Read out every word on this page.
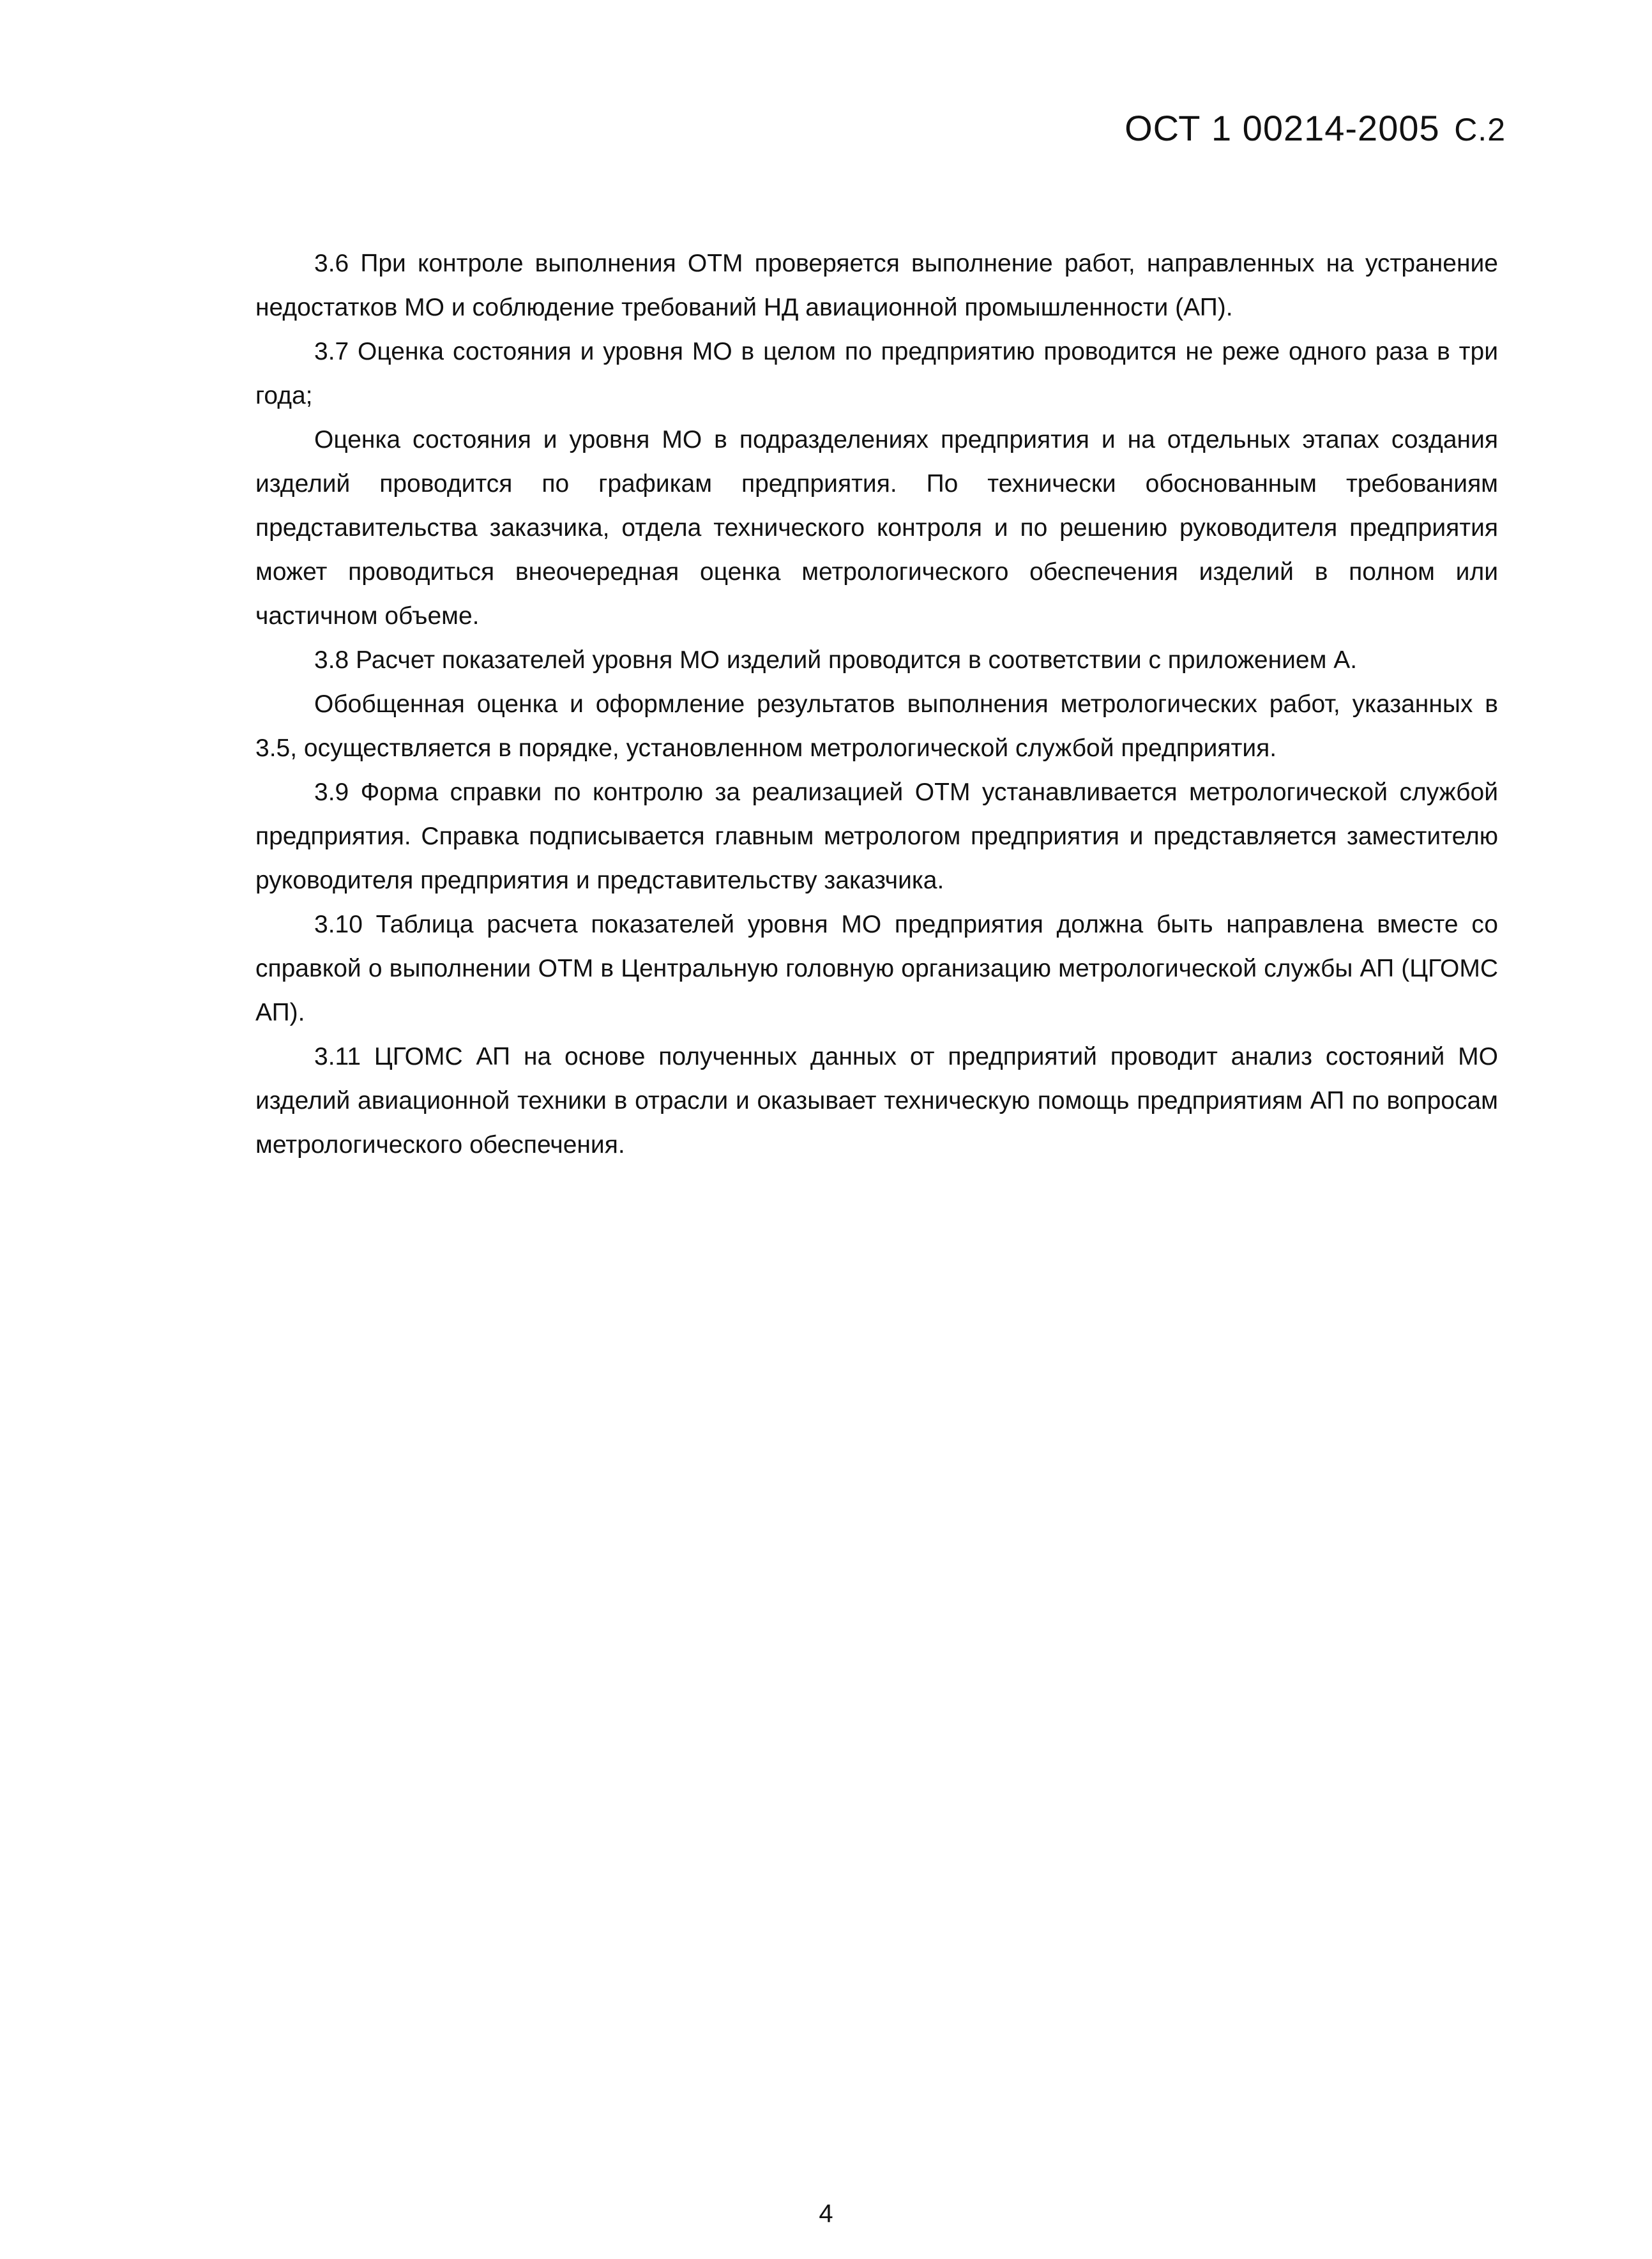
ОСТ 1 00214-2005 С.2

3.6 При контроле выполнения ОТМ проверяется выполнение работ, направленных на устранение недостатков МО и соблюдение требований НД авиационной промышленности (АП).

3.7 Оценка состояния и уровня МО в целом по предприятию проводится не реже одного раза в три года;

Оценка состояния и уровня МО в подразделениях предприятия и на отдельных этапах создания изделий проводится по графикам предприятия. По технически обоснованным требованиям представительства заказчика, отдела технического контроля и по решению руководителя предприятия может проводиться внеочередная оценка метрологического обеспечения изделий в полном или частичном объеме.

3.8 Расчет показателей уровня МО изделий проводится в соответствии с приложением А.

Обобщенная оценка и оформление результатов выполнения метрологических работ, указанных в 3.5, осуществляется в порядке, установленном метрологической службой предприятия.

3.9 Форма справки по контролю за реализацией ОТМ устанавливается метрологической службой предприятия. Справка подписывается главным метрологом предприятия и представляется заместителю руководителя предприятия и представительству заказчика.

3.10 Таблица расчета показателей уровня МО предприятия должна быть направлена вместе со справкой о выполнении ОТМ в Центральную головную организацию метрологической службы АП (ЦГОМС АП).

3.11 ЦГОМС АП на основе полученных данных от предприятий проводит анализ состояний МО изделий авиационной техники в отрасли и оказывает техническую помощь предприятиям АП по вопросам метрологического обеспечения.

4
